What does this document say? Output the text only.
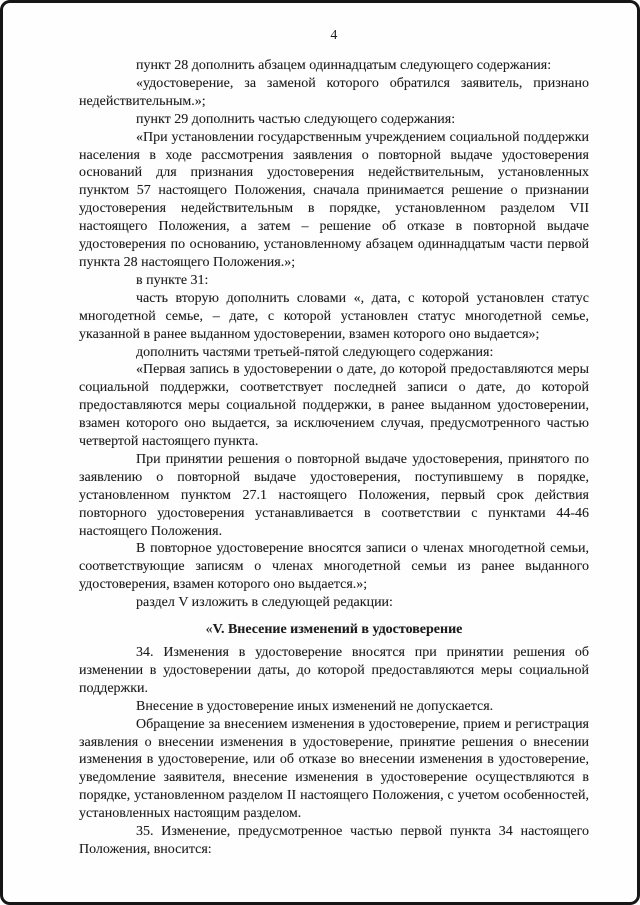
4

пункт 28 дополнить абзацем одиннадцатым следующего содержания:

«удостоверение, за заменой которого обратился заявитель, признано недействительным.»;

пункт 29 дополнить частью следующего содержания:

«При установлении государственным учреждением социальной поддержки населения в ходе рассмотрения заявления о повторной выдаче удостоверения оснований для признания удостоверения недействительным, установленных пунктом 57 настоящего Положения, сначала принимается решение о признании удостоверения недействительным в порядке, установленном разделом VII настоящего Положения, а затем – решение об отказе в повторной выдаче удостоверения по основанию, установленному абзацем одиннадцатым части первой пункта 28 настоящего Положения.»;

в пункте 31:

часть вторую дополнить словами «, дата, с которой установлен статус многодетной семье, – дате, с которой установлен статус многодетной семье, указанной в ранее выданном удостоверении, взамен которого оно выдается»;

дополнить частями третьей-пятой следующего содержания:

«Первая запись в удостоверении о дате, до которой предоставляются меры социальной поддержки, соответствует последней записи о дате, до которой предоставляются меры социальной поддержки, в ранее выданном удостоверении, взамен которого оно выдается, за исключением случая, предусмотренного частью четвертой настоящего пункта.

При принятии решения о повторной выдаче удостоверения, принятого по заявлению о повторной выдаче удостоверения, поступившему в порядке, установленном пунктом 27.1 настоящего Положения, первый срок действия повторного удостоверения устанавливается в соответствии с пунктами 44-46 настоящего Положения.

В повторное удостоверение вносятся записи о членах многодетной семьи, соответствующие записям о членах многодетной семьи из ранее выданного удостоверения, взамен которого оно выдается.»;

раздел V изложить в следующей редакции:

«V. Внесение изменений в удостоверение

34. Изменения в удостоверение вносятся при принятии решения об изменении в удостоверении даты, до которой предоставляются меры социальной поддержки.

Внесение в удостоверение иных изменений не допускается.

Обращение за внесением изменения в удостоверение, прием и регистрация заявления о внесении изменения в удостоверение, принятие решения о внесении изменения в удостоверение, или об отказе во внесении изменения в удостоверение, уведомление заявителя, внесение изменения в удостоверение осуществляются в порядке, установленном разделом II настоящего Положения, с учетом особенностей, установленных настоящим разделом.

35. Изменение, предусмотренное частью первой пункта 34 настоящего Положения, вносится:
